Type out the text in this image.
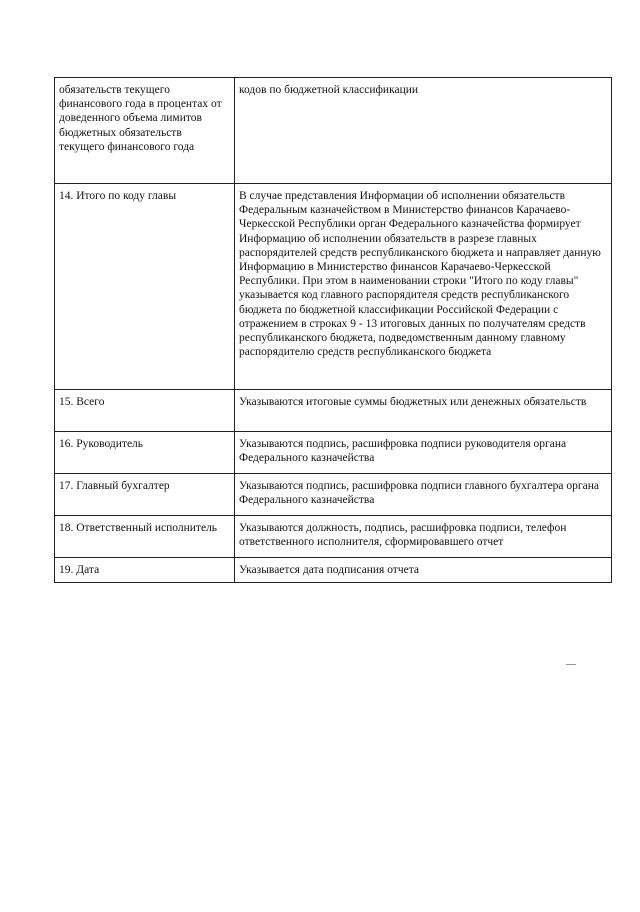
обязательств текущего финансового года в процентах от доведенного объема лимитов бюджетных обязательств текущего финансового года	кодов по бюджетной классификации
14. Итого по коду главы	В случае представления Информации об исполнении обязательств Федеральным казначейством в Министерство финансов Карачаево-Черкесской Республики орган Федерального казначейства формирует Информацию об исполнении обязательств в разрезе главных распорядителей средств республиканского бюджета и направляет данную Информацию в Министерство финансов Карачаево-Черкесской Республики. При этом в наименовании строки "Итого по коду главы" указывается код главного распорядителя средств республиканского бюджета по бюджетной классификации Российской Федерации с отражением в строках 9 - 13 итоговых данных по получателям средств республиканского бюджета, подведомственным данному главному распорядителю средств республиканского бюджета
15. Всего	Указываются итоговые суммы бюджетных или денежных обязательств
16. Руководитель	Указываются подпись, расшифровка подписи руководителя органа Федерального казначейства
17. Главный бухгалтер	Указываются подпись, расшифровка подписи главного бухгалтера органа Федерального казначейства
18. Ответственный исполнитель	Указываются должность, подпись, расшифровка подписи, телефон ответственного исполнителя, сформировавшего отчет
19. Дата	Указывается дата подписания отчета
